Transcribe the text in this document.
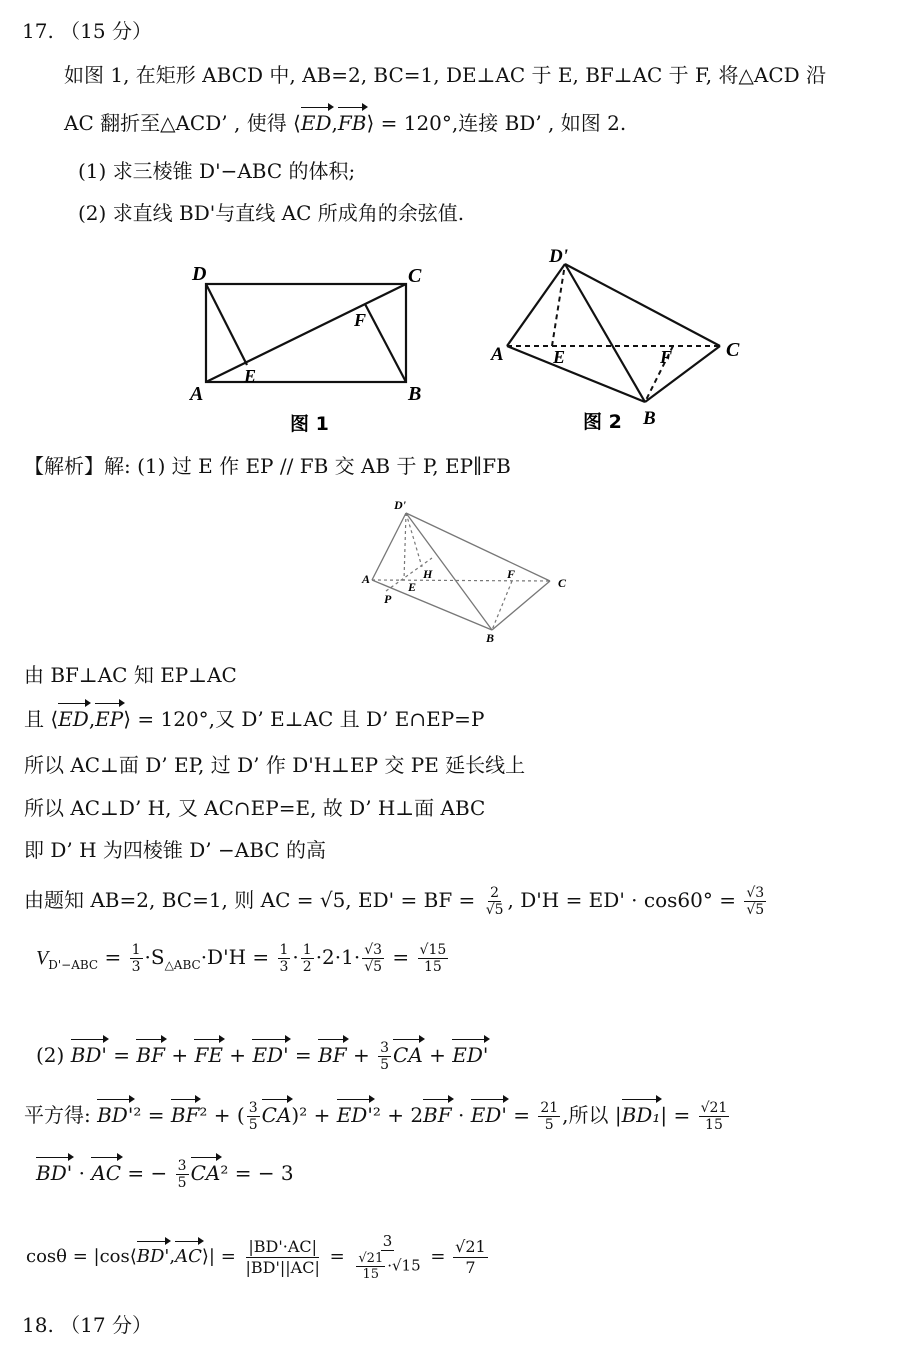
17. （15 分）
如图 1, 在矩形 ABCD 中, AB=2, BC=1, DE⊥AC 于 E, BF⊥AC 于 F, 将△ACD 沿
AC 翻折至△ACD’ , 使得 ⟨ED,FB⟩ = 120°,连接 BD’ , 如图 2.
(1) 求三棱锥 D'−ABC 的体积;
(2) 求直线 BD'与直线 AC 所成角的余弦值.
D	C
A	B
E
F
图 1
D'
A	E	F	C
B
图 2
【解析】解: (1) 过 E 作 EP // FB 交 AB 于 P, EP∥FB
D'
A	H
E
F
C
P
B
由 BF⊥AC 知 EP⊥AC
且 ⟨ED,EP⟩ = 120°,又 D’ E⊥AC 且 D’ E∩EP=P
所以 AC⊥面 D’ EP, 过 D’ 作 D'H⊥EP 交 PE 延长线上
所以 AC⊥D’ H, 又 AC∩EP=E, 故 D’ H⊥面 ABC
即 D’ H 为四棱锥 D’ −ABC 的高
由题知 AB=2, BC=1, 则 AC = √5, ED' = BF = $\frac{2}{√5}$ , $D'H = ED' \cdot \cos 60^\circ = \frac{√3}{√5}$
$V_{D'-ABC} = \frac{1}{3} \cdot S_{\triangle ABC}\cdot D'H = \frac{1}{3} \cdot \frac{1}{2} \cdot 2\cdot 1\cdot \frac{√3}{√5} = \frac{√15}{15}$
(2) BD' = BF + FE + ED' = BF + $\frac{3}{5}$ CA + ED'
平方得: BD'² = BF² + ( $\frac{3}{5} CA)^2 + ED'^2 + 2BF \cdot ED' = \frac{21}{5}$ ,所以 $|BD_1| = \frac{√21}{15}$
BD' · AC = − $\frac{3}{5} CA^2$ = − 3
cosθ = |cos⟨BD',AC⟩| = $\frac{|BD'\cdot AC|}{|BD'||AC|} = \frac{3}{\frac{√21}{15} \cdot√15} = \frac{√21}{7}$
18. （17 分）
